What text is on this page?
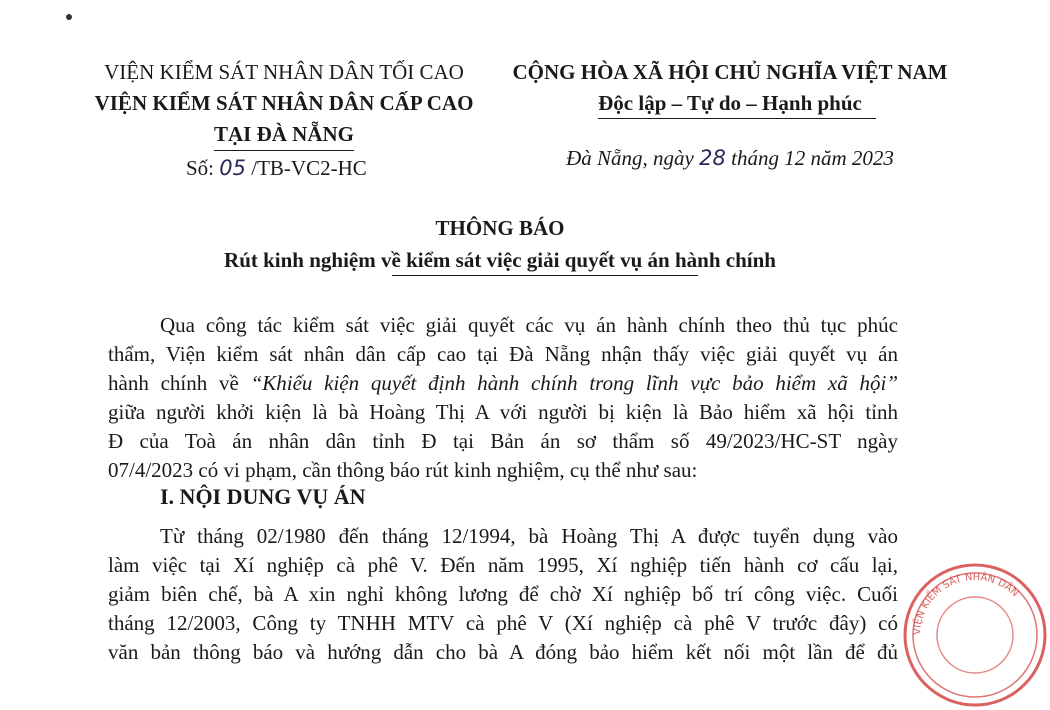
VIỆN KIỂM SÁT NHÂN DÂN TỐI CAO
VIỆN KIỂM SÁT NHÂN DÂN CẤP CAO
TẠI ĐÀ NẴNG
Số: 05 /TB-VC2-HC
CỘNG HÒA XÃ HỘI CHỦ NGHĨA VIỆT NAM
Độc lập – Tự do – Hạnh phúc
Đà Nẵng, ngày 28 tháng 12 năm 2023
THÔNG BÁO
Rút kinh nghiệm về kiểm sát việc giải quyết vụ án hành chính
Qua công tác kiểm sát việc giải quyết các vụ án hành chính theo thủ tục phúc
thẩm, Viện kiểm sát nhân dân cấp cao tại Đà Nẵng nhận thấy việc giải quyết vụ án
hành chính về “Khiếu kiện quyết định hành chính trong lĩnh vực bảo hiểm xã hội”
giữa người khởi kiện là bà Hoàng Thị A với người bị kiện là Bảo hiểm xã hội tỉnh
Đ của Toà án nhân dân tỉnh Đ tại Bản án sơ thẩm số 49/2023/HC-ST ngày
07/4/2023 có vi phạm, cần thông báo rút kinh nghiệm, cụ thể như sau:
I. NỘI DUNG VỤ ÁN
Từ tháng 02/1980 đến tháng 12/1994, bà Hoàng Thị A được tuyển dụng vào
làm việc tại Xí nghiệp cà phê V. Đến năm 1995, Xí nghiệp tiến hành cơ cấu lại,
giảm biên chế, bà A xin nghỉ không lương để chờ Xí nghiệp bố trí công việc. Cuối
tháng 12/2003, Công ty TNHH MTV cà phê V (Xí nghiệp cà phê V trước đây) có
văn bản thông báo và hướng dẫn cho bà A đóng bảo hiểm kết nối một lần để đủ
VIỆN KIỂM SÁT NHÂN DÂN
